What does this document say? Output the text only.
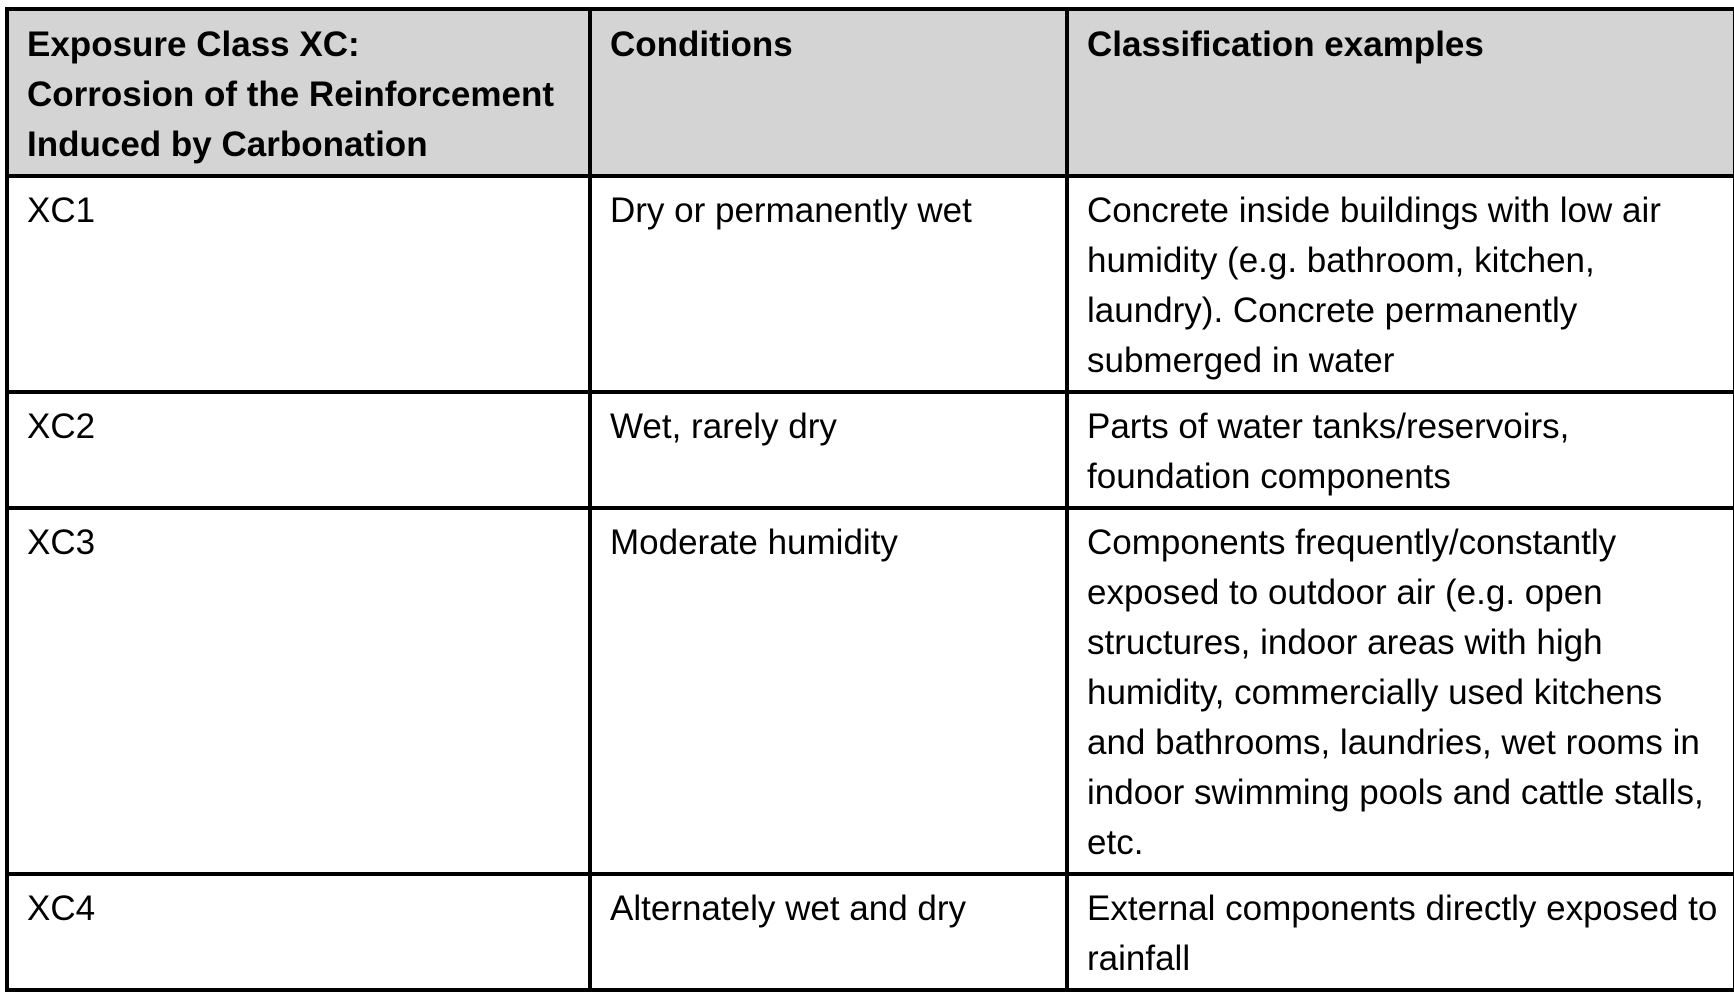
Exposure Class XC:
Corrosion of the Reinforcement
Induced by Carbonation	Conditions	Classification examples

XC1	Dry or permanently wet	Concrete inside buildings with low air humidity (e.g. bathroom, kitchen, laundry). Concrete permanently submerged in water

XC2	Wet, rarely dry	Parts of water tanks/reservoirs, foundation components

XC3	Moderate humidity	Components frequently/constantly exposed to outdoor air (e.g. open structures, indoor areas with high humidity, commercially used kitchens and bathrooms, laundries, wet rooms in indoor swimming pools and cattle stalls, etc.

XC4	Alternately wet and dry	External components directly exposed to rainfall
